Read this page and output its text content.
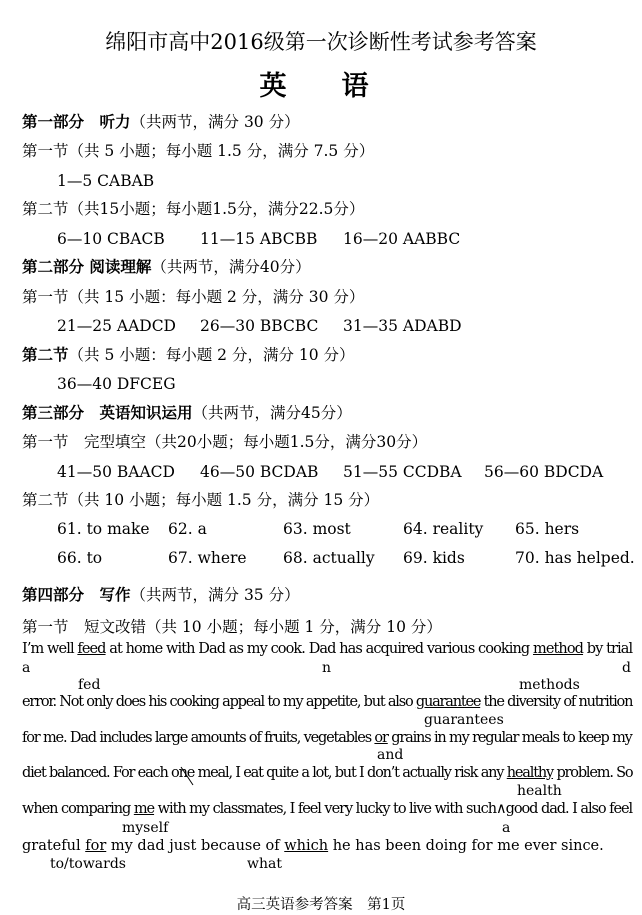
绵阳市高中2016级第一次诊断性考试参考答案
英　语
第一部分　听力（共两节，满分 30 分）
第一节（共 5 小题；每小题 1.5 分，满分 7.5 分）
1—5 CABAB
第二节（共15小题；每小题1.5分，满分22.5分）
6—10 CBACB 11—15 ABCBB 16—20 AABBC
第二部分 阅读理解（共两节，满分40分）
第一节（共 15 小题：每小题 2 分，满分 30 分）
21—25 AADCD 26—30 BBCBC 31—35 ADABD
第二节（共 5 小题：每小题 2 分，满分 10 分）
36—40 DFCEG
第三部分　英语知识运用（共两节，满分45分）
第一节　完型填空（共20小题；每小题1.5分，满分30分）
41—50 BAACD 46—50 BCDAB 51—55 CCDBA 56—60 BDCDA
第二节（共 10 小题；每小题 1.5 分，满分 15 分）
61. to make 62. a	63. most	64. reality 65. hers
66. to	67. where 68. actually 69. kids	70. has helped.
第四部分　写作（共两节，满分 35 分）
第一节　短文改错（共 10 小题；每小题 1 分，满分 10 分）
I’m well feed at home with Dad as my cook. Dad has acquired various cooking method by trial
a	n	d
fed	methods
error. Not only does his cooking appeal to my appetite, but also guarantee the diversity of nutrition
guarantees
for me. Dad includes large amounts of fruits, vegetables or grains in my regular meals to keep my
and
diet balanced. For each one
meal, I eat quite a lot, but I don’t actually risk any healthy problem. So
health
when comparing me with my classmates, I feel very lucky to live with such∧good dad. I also feel
myself	a
grateful for my dad just because of which he has been doing for me ever since.
to/towards	what
高三英语参考答案　第1页
